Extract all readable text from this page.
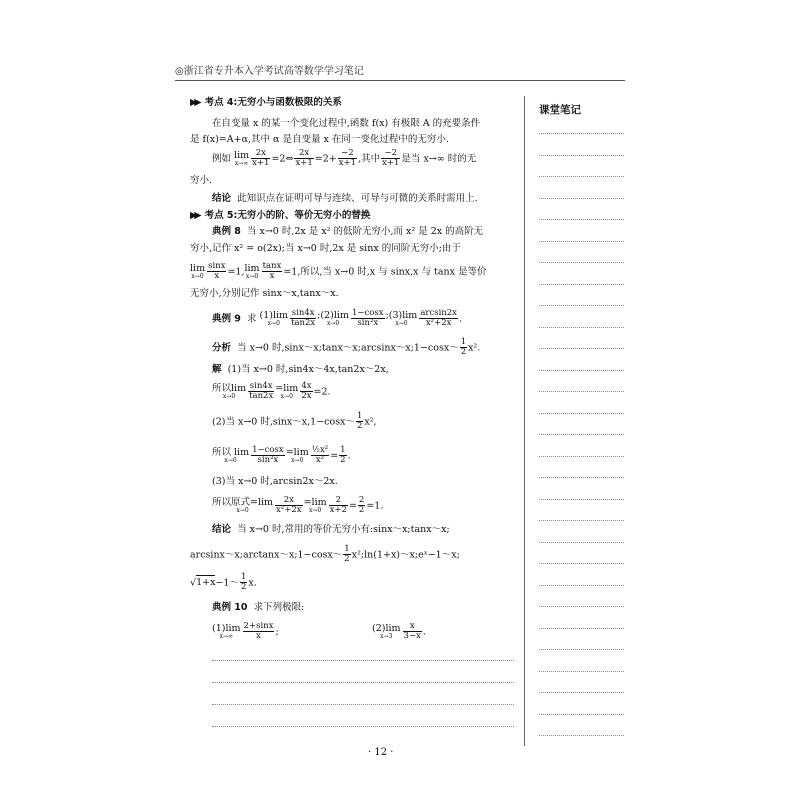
◎浙江省专升本入学考试高等数学学习笔记
课堂笔记
▶▶ 考点 4:无穷小与函数极限的关系
在自变量 x 的某一个变化过程中,函数 f(x) 有极限 A 的充要条件
是 f(x)=A+α,其中 α 是自变量 x 在同一变化过程中的无穷小.
例如 lim
$x\to\infty \frac{2x}{x+1}$ =2⇔ $\frac{2x}{x+1} =2+ \frac{-2}{x+1}$ ,其中 $\frac{-2}{x+1}$ 是当 x→∞ 时的无
穷小.
结论 此知识点在证明可导与连续、可导与可微的关系时需用上.
▶▶ 考点 5:无穷小的阶、等价无穷小的替换
典例 8 当 x→0 时,2x 是 x² 的低阶无穷小,而 x² 是 2x 的高阶无
穷小,记作 x² = o(2x);当 x→0 时,2x 是 sinx 的同阶无穷小;由于
lim
$x\to 0 \frac{\sin x}{x} =1$, lim
$x\to 0 \frac{\tan x}{x} =1$,所以,当 x→0 时,x 与 sinx,x 与 tanx 是等价
无穷小,分别记作 sinx～x,tanx～x.
典例 9 求 (1)lim
x→0	$\frac{\sin 4x}{\tan 2x}$ ;(2)lim
x→0	$\frac{1-\cos x}{\text{sin²x}}$ ;(3)lim
x→0	$\frac{\arcsin 2x}{\text{x²+2x}}$ .
分析 当 x→0 时,sinx～x;tanx～x;arcsinx～x;1−cosx～ $\frac{1}{2} x^2$.
解 (1)当 x→0 时,sin4x～4x,tan2x～2x,
所以lim
x→0	$\frac{\sin 4x}{\tan 2x} =\lim$
$x\to 0 \frac{4x}{2x} =2$.
(2)当 x→0 时,sinx～x,1−cosx～ $\frac{1}{2} x^2$,
所以 lim
x→0	$\frac{1-\cos x}{\text{sin²x}} =\lim$
$x\to 0 \frac{\text{½x²}}{\text{x²}} = \frac{1}{2}$ .
(3)当 x→0 时,arcsin2x～2x.
所以原式=lim
x→0	$\frac{2x}{\text{x²+2x}} =\lim$
$x\to 0 \frac{2}{x+2} = \frac{2}{2} =1$.
结论 当 x→0 时,常用的等价无穷小有:sinx～x;tanx～x;
arcsinx～x;arctanx～x;1−cosx～ $\frac{1}{2}$ x²;ln(1+x)～x;eˣ−1～x;
√1+x−1～ $\frac{1}{2} x$.
典例 10 求下列极限:
(1)lim
x→∞	$\frac{2+\sin x}{x}$ ;	(2)lim
x→3	$\frac{x}{3-x}$ .
· 12 ·
